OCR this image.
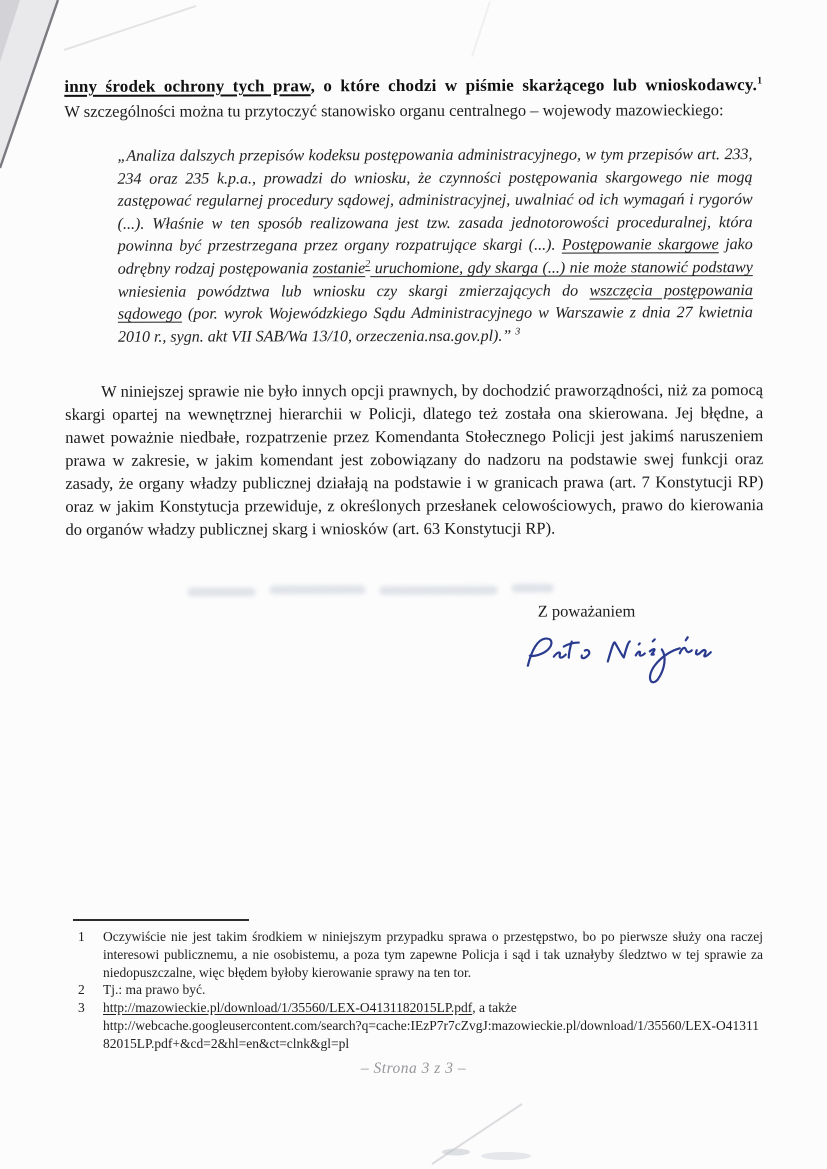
inny środek ochrony tych praw, o które chodzi w piśmie skarżącego lub wnioskodawcy.$^1$
W szczególności można tu przytoczyć stanowisko organu centralnego – wojewody mazowieckiego:
„Analiza dalszych przepisów kodeksu postępowania administracyjnego, w tym przepisów art. 233, 234 oraz 235 k.p.a., prowadzi do wniosku, że czynności postępowania skargowego nie mogą zastępować regularnej procedury sądowej, administracyjnej, uwalniać od ich wymagań i rygorów (...). Właśnie w ten sposób realizowana jest tzw. zasada jednotorowości proceduralnej, która powinna być przestrzegana przez organy rozpatrujące skargi (...). Postępowanie skargowe jako odrębny rodzaj postępowania zostanie$^2$ uruchomione, gdy skarga (...) nie może stanowić podstawy wniesienia powództwa lub wniosku czy skargi zmierzających do wszczęcia postępowania sądowego (por. wyrok Wojewódzkiego Sądu Administracyjnego w Warszawie z dnia 27 kwietnia 2010 r., sygn. akt VII SAB/Wa 13/10, orzeczenia.nsa.gov.pl).” $^3$
W niniejszej sprawie nie było innych opcji prawnych, by dochodzić praworządności, niż za pomocą skargi opartej na wewnętrznej hierarchii w Policji, dlatego też została ona skierowana. Jej błędne, a nawet poważnie niedbałe, rozpatrzenie przez Komendanta Stołecznego Policji jest jakimś naruszeniem prawa w zakresie, w jakim komendant jest zobowiązany do nadzoru na podstawie swej funkcji oraz zasady, że organy władzy publicznej działają na podstawie i w granicach prawa (art. 7 Konstytucji RP) oraz w jakim Konstytucja przewiduje, z określonych przesłanek celowościowych, prawo do kierowania do organów władzy publicznej skarg i wniosków (art. 63 Konstytucji RP).
Z poważaniem
1	Oczywiście nie jest takim środkiem w niniejszym przypadku sprawa o przestępstwo, bo po pierwsze służy ona raczej interesowi publicznemu, a nie osobistemu, a poza tym zapewne Policja i sąd i tak uznałyby śledztwo w tej sprawie za niedopuszczalne, więc błędem byłoby kierowanie sprawy na ten tor.
2	Tj.: ma prawo być.
3	http://mazowieckie.pl/download/1/35560/LEX-O4131182015LP.pdf, a także
http://webcache.googleusercontent.com/search?q=cache:IEzP7r7cZvgJ:mazowieckie.pl/download/1/35560/LEX-O4131182015LP.pdf+&cd=2&hl=en&ct=clnk&gl=pl
– Strona 3 z 3 –
